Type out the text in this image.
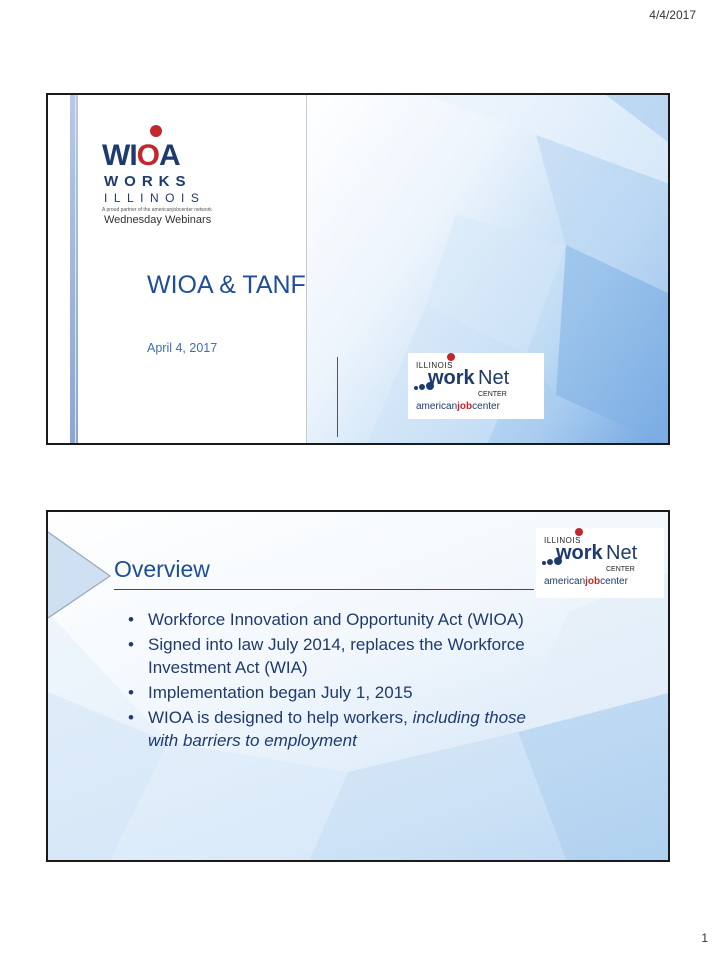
4/4/2017
WIOA
WORKS
ILLINOIS
A proud partner of the americanjobcenter network
Wednesday Webinars
WIOA & TANF
April 4, 2017
ILLINOIS
work Net
CENTER
americanjobcenter
Overview
ILLINOIS
work Net
CENTER
americanjobcenter
• Workforce Innovation and Opportunity Act (WIOA)
• Signed into law July 2014, replaces the Workforce Investment Act (WIA)
• Implementation began July 1, 2015
• WIOA is designed to help workers, including those with barriers to employment
1
